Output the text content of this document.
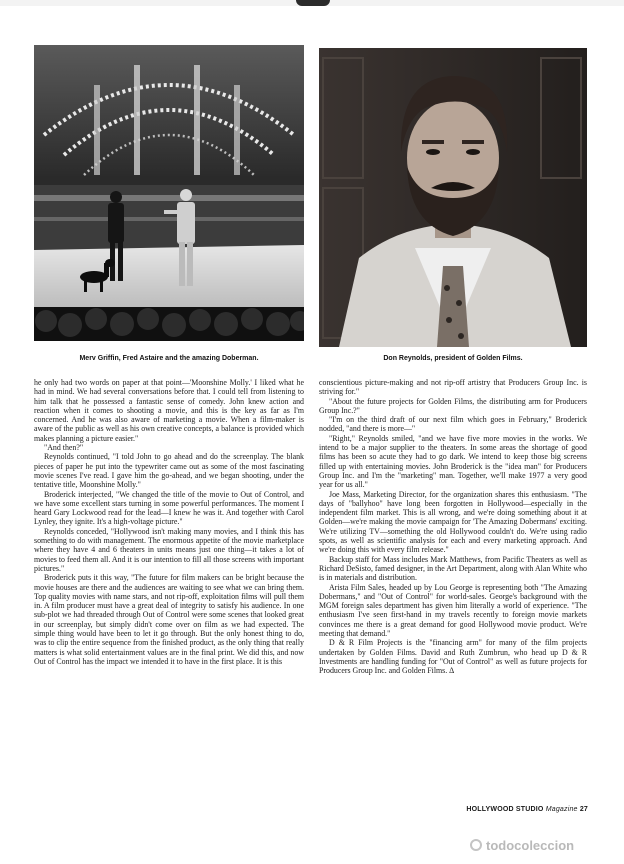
Merv Griffin, Fred Astaire and the amazing Doberman.	Don Reynolds, president of Golden Films.

he only had two words on paper at that point—'Moonshine Molly.' I liked what he had in mind. We had several conversations before that. I could tell from listening to him talk that he possessed a fantastic sense of comedy. John knew action and reaction when it comes to shooting a movie, and this is the key as far as I'm concerned. And he was also aware of marketing a movie. When a film-maker is aware of the public as well as his own creative concepts, a balance is provided which makes planning a picture easier."

"And then?"

Reynolds continued, "I told John to go ahead and do the screenplay. The blank pieces of paper he put into the typewriter came out as some of the most fascinating movie scenes I've read. I gave him the go-ahead, and we began shooting, under the tentative title, Moonshine Molly."

Broderick interjected, "We changed the title of the movie to Out of Control, and we have some excellent stars turning in some powerful performances. The moment I heard Gary Lockwood read for the lead—I knew he was it. And together with Carol Lynley, they ignite. It's a high-voltage picture."

Reynolds conceded, "Hollywood isn't making many movies, and I think this has something to do with management. The enormous appetite of the movie marketplace where they have 4 and 6 theaters in units means just one thing—it takes a lot of movies to feed them all. And it is our intention to fill all those screens with important pictures."

Broderick puts it this way, "The future for film makers can be bright because the movie houses are there and the audiences are waiting to see what we can bring them. Top quality movies with name stars, and not rip-off, exploitation films will pull them in. A film producer must have a great deal of integrity to satisfy his audience. In one sub-plot we had threaded through Out of Control were some scenes that looked great in our screenplay, but simply didn't come over on film as we had expected. The simple thing would have been to let it go through. But the only honest thing to do, was to clip the entire sequence from the finished product, as the only thing that really matters is what solid entertainment values are in the final print. We did this, and now Out of Control has the impact we intended it to have in the first place. It is this

conscientious picture-making and not rip-off artistry that Producers Group Inc. is striving for."

"About the future projects for Golden Films, the distributing arm for Producers Group Inc.?"

"I'm on the third draft of our next film which goes in February," Broderick nodded, "and there is more—"

"Right," Reynolds smiled, "and we have five more movies in the works. We intend to be a major supplier to the theaters. In some areas the shortage of good films has been so acute they had to go dark. We intend to keep those big screens filled up with entertaining movies. John Broderick is the "idea man" for Producers Group Inc. and I'm the "marketing" man. Together, we'll make 1977 a very good year for us all."

Joe Mass, Marketing Director, for the organization shares this enthusiasm. "The days of "ballyhoo" have long been forgotten in Hollywood—especially in the independent film market. This is all wrong, and we're doing something about it at Golden—we're making the movie campaign for 'The Amazing Dobermans' exciting. We're utilizing TV—something the old Hollywood couldn't do. We're using radio spots, as well as scientific analysis for each and every marketing approach. And we're doing this with every film release."

Backup staff for Mass includes Mark Matthews, from Pacific Theaters as well as Richard DeSisto, famed designer, in the Art Department, along with Alan White who is in materials and distribution.

Arista Film Sales, headed up by Lou George is representing both "The Amazing Dobermans," and "Out of Control" for world-sales. George's background with the MGM foreign sales department has given him literally a world of experience. "The enthusiasm I've seen first-hand in my travels recently to foreign movie markets convinces me there is a great demand for good Hollywood movie product. We're meeting that demand."

D & R Film Projects is the "financing arm" for many of the film projects undertaken by Golden Films. David and Ruth Zumbrun, who head up D & R Investments are handling funding for "Out of Control" as well as future projects for Producers Group Inc. and Golden Films. Δ

HOLLYWOOD STUDIO Magazine 27
todocoleccion
